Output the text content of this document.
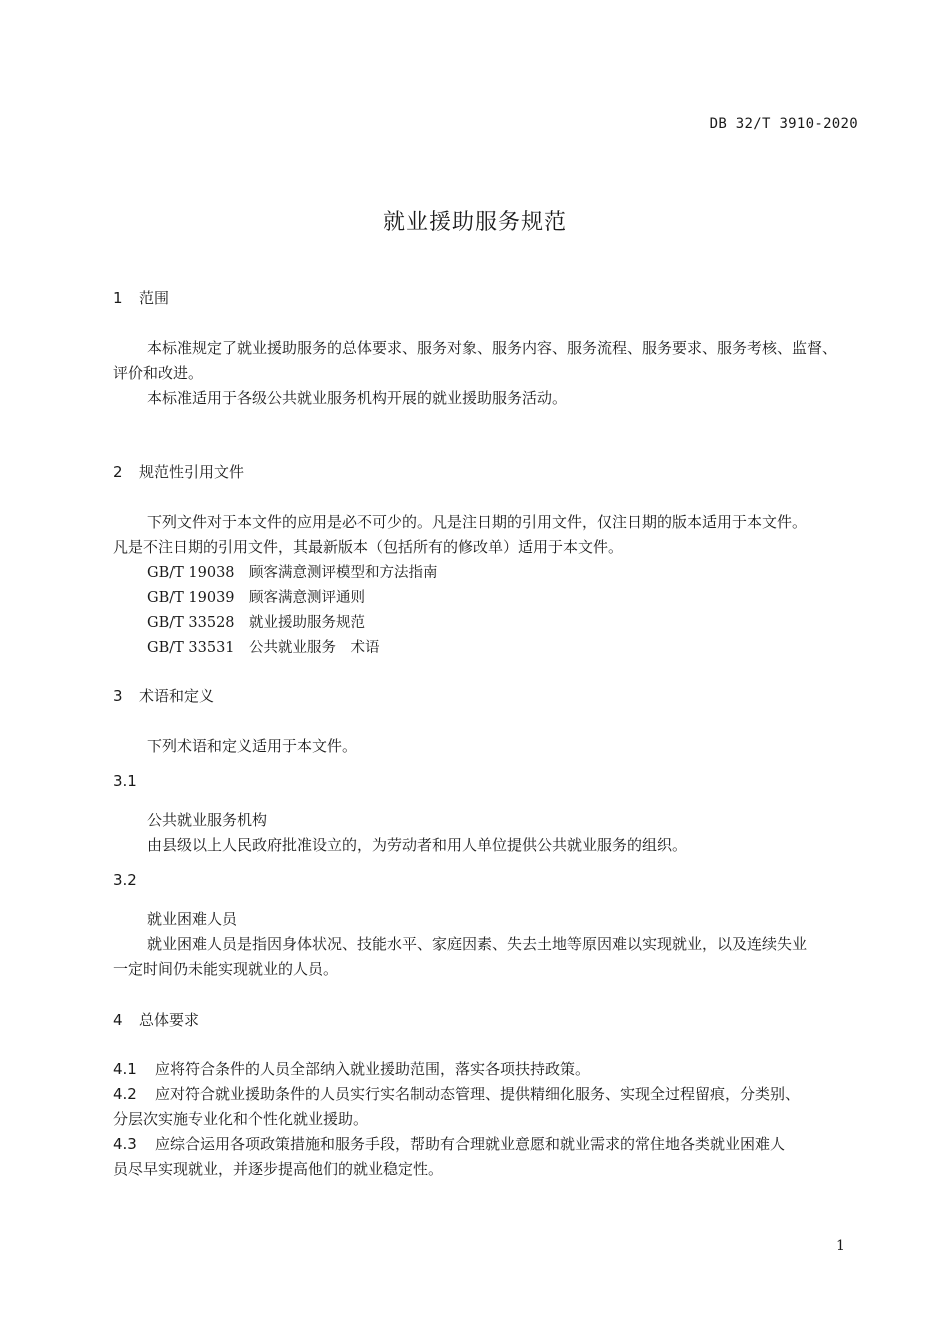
DB 32/T 3910-2020
就业援助服务规范
1 范围
本标准规定了就业援助服务的总体要求、服务对象、服务内容、服务流程、服务要求、服务考核、监督、
评价和改进。
本标准适用于各级公共就业服务机构开展的就业援助服务活动。
2 规范性引用文件
下列文件对于本文件的应用是必不可少的。凡是注日期的引用文件，仅注日期的版本适用于本文件。
凡是不注日期的引用文件，其最新版本（包括所有的修改单）适用于本文件。
GB/T 19038 顾客满意测评模型和方法指南
GB/T 19039 顾客满意测评通则
GB/T 33528 就业援助服务规范
GB/T 33531 公共就业服务　术语
3 术语和定义
下列术语和定义适用于本文件。
3.1
公共就业服务机构
由县级以上人民政府批准设立的，为劳动者和用人单位提供公共就业服务的组织。
3.2
就业困难人员
就业困难人员是指因身体状况、技能水平、家庭因素、失去土地等原因难以实现就业，以及连续失业
一定时间仍未能实现就业的人员。
4 总体要求
4.1 应将符合条件的人员全部纳入就业援助范围，落实各项扶持政策。
4.2 应对符合就业援助条件的人员实行实名制动态管理、提供精细化服务、实现全过程留痕，分类别、
分层次实施专业化和个性化就业援助。
4.3 应综合运用各项政策措施和服务手段，帮助有合理就业意愿和就业需求的常住地各类就业困难人
员尽早实现就业，并逐步提高他们的就业稳定性。
1
